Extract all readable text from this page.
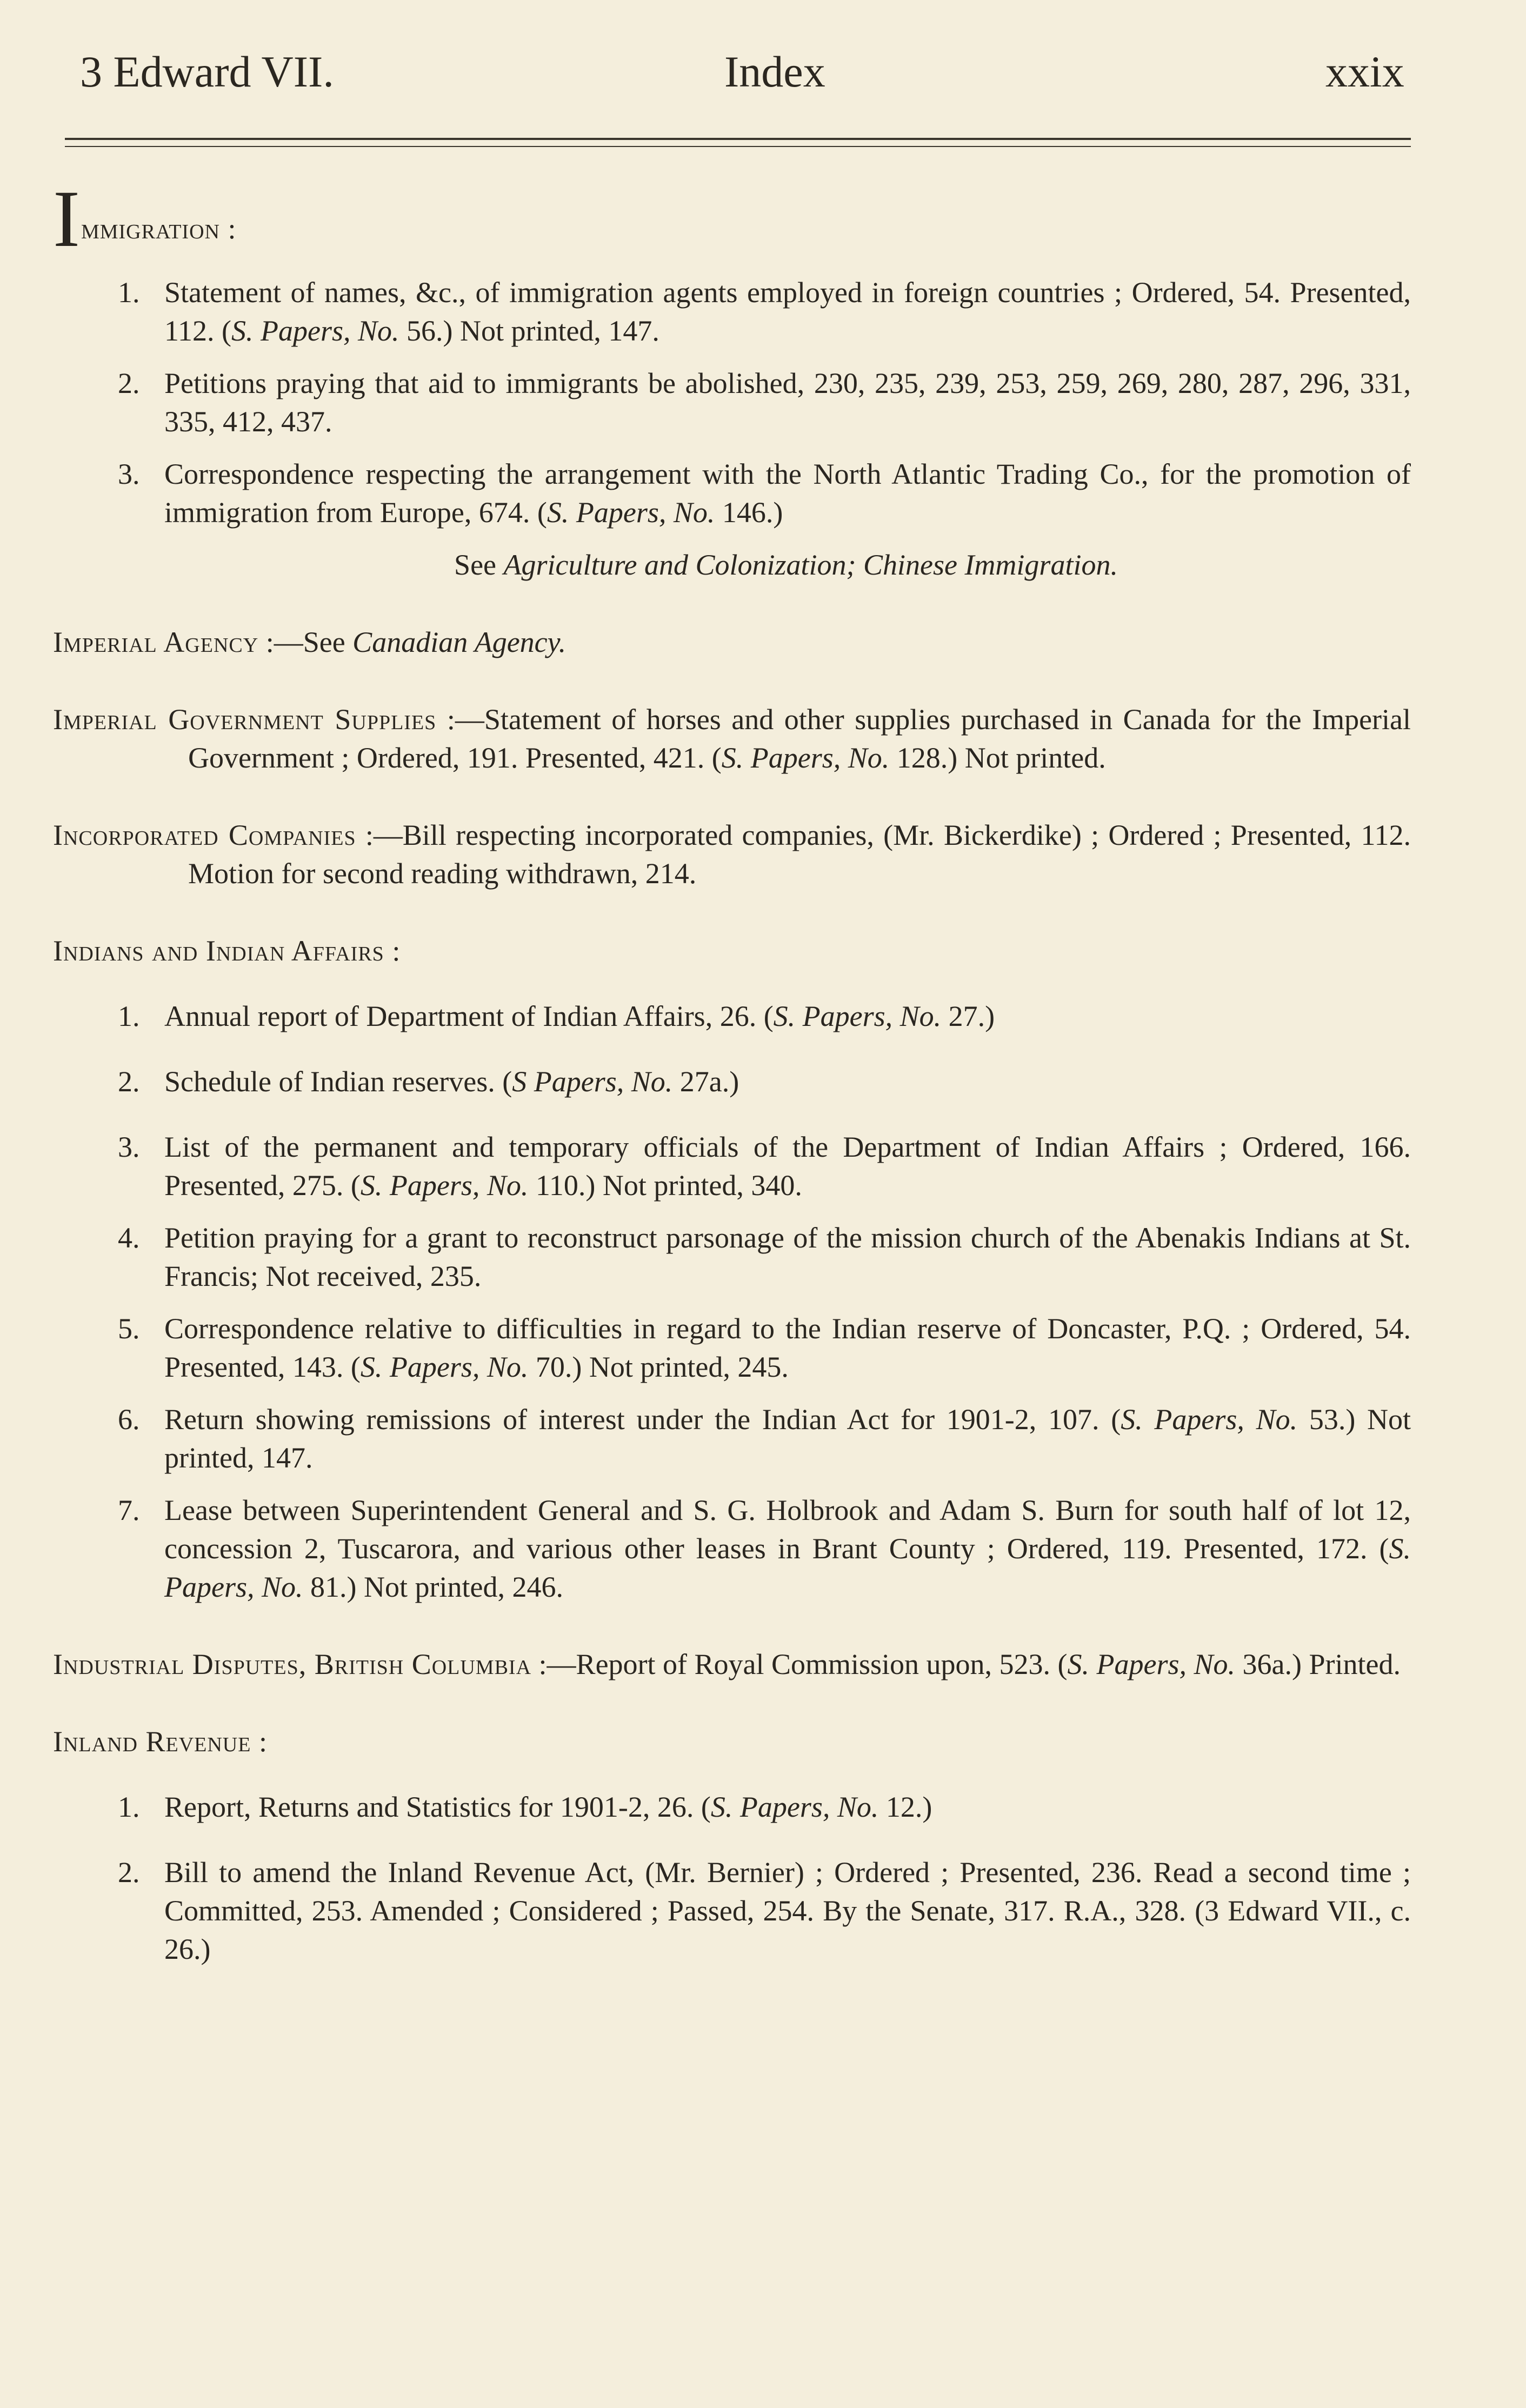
3 Edward VII.	Index	xxix

Immigration :

1. Statement of names, &c., of immigration agents employed in foreign countries ; Ordered, 54. Presented, 112. (S. Papers, No. 56.) Not printed, 147.

2. Petitions praying that aid to immigrants be abolished, 230, 235, 239, 253, 259, 269, 280, 287, 296, 331, 335, 412, 437.

3. Correspondence respecting the arrangement with the North Atlantic Trading Co., for the promotion of immigration from Europe, 674. (S. Papers, No. 146.)

See Agriculture and Colonization; Chinese Immigration.

Imperial Agency :—See Canadian Agency.

Imperial Government Supplies :—Statement of horses and other supplies purchased in Canada for the Imperial Government ; Ordered, 191. Presented, 421. (S. Papers, No. 128.) Not printed.

Incorporated Companies :—Bill respecting incorporated companies, (Mr. Bickerdike) ; Ordered ; Presented, 112. Motion for second reading withdrawn, 214.

Indians and Indian Affairs :

1. Annual report of Department of Indian Affairs, 26. (S. Papers, No. 27.)

2. Schedule of Indian reserves. (S Papers, No. 27a.)

3. List of the permanent and temporary officials of the Department of Indian Affairs ; Ordered, 166. Presented, 275. (S. Papers, No. 110.) Not printed, 340.

4. Petition praying for a grant to reconstruct parsonage of the mission church of the Abenakis Indians at St. Francis; Not received, 235.

5. Correspondence relative to difficulties in regard to the Indian reserve of Doncaster, P.Q. ; Ordered, 54. Presented, 143. (S. Papers, No. 70.) Not printed, 245.

6. Return showing remissions of interest under the Indian Act for 1901-2, 107. (S. Papers, No. 53.) Not printed, 147.

7. Lease between Superintendent General and S. G. Holbrook and Adam S. Burn for south half of lot 12, concession 2, Tuscarora, and various other leases in Brant County ; Ordered, 119. Presented, 172. (S. Papers, No. 81.) Not printed, 246.

Industrial Disputes, British Columbia :—Report of Royal Commission upon, 523. (S. Papers, No. 36a.) Printed.

Inland Revenue :

1. Report, Returns and Statistics for 1901-2, 26. (S. Papers, No. 12.)

2. Bill to amend the Inland Revenue Act, (Mr. Bernier) ; Ordered ; Presented, 236. Read a second time ; Committed, 253. Amended ; Considered ; Passed, 254. By the Senate, 317. R.A., 328. (3 Edward VII., c. 26.)
